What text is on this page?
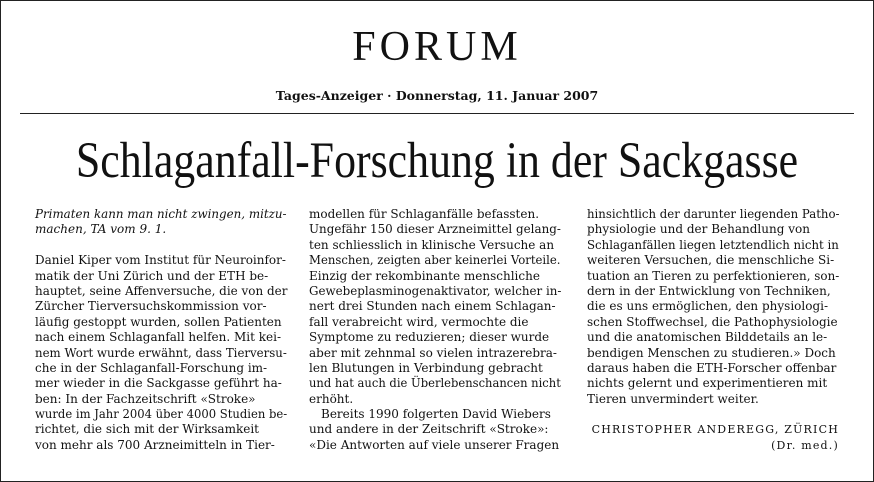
FORUM
Tages-Anzeiger · Donnerstag, 11. Januar 2007
Schlaganfall-Forschung in der Sackgasse
Primaten kann man nicht zwingen, mitzu-
machen, TA vom 9. 1.
Daniel Kiper vom Institut für Neuroinfor-
matik der Uni Zürich und der ETH be-
hauptet, seine Affenversuche, die von der
Zürcher Tierversuchskommission vor-
läufig gestoppt wurden, sollen Patienten
nach einem Schlaganfall helfen. Mit kei-
nem Wort wurde erwähnt, dass Tierversu-
che in der Schlaganfall-Forschung im-
mer wieder in die Sackgasse geführt ha-
ben: In der Fachzeitschrift «Stroke»
wurde im Jahr 2004 über 4000 Studien be-
richtet, die sich mit der Wirksamkeit
von mehr als 700 Arzneimitteln in Tier-
modellen für Schlaganfälle befassten.
Ungefähr 150 dieser Arzneimittel gelang-
ten schliesslich in klinische Versuche an
Menschen, zeigten aber keinerlei Vorteile.
Einzig der rekombinante menschliche
Gewebeplasminogenaktivator, welcher in-
nert drei Stunden nach einem Schlagan-
fall verabreicht wird, vermochte die
Symptome zu reduzieren; dieser wurde
aber mit zehnmal so vielen intrazerebra-
len Blutungen in Verbindung gebracht
und hat auch die Überlebenschancen nicht
erhöht.
Bereits 1990 folgerten David Wiebers
und andere in der Zeitschrift «Stroke»:
«Die Antworten auf viele unserer Fragen
hinsichtlich der darunter liegenden Patho-
physiologie und der Behandlung von
Schlaganfällen liegen letztendlich nicht in
weiteren Versuchen, die menschliche Si-
tuation an Tieren zu perfektionieren, son-
dern in der Entwicklung von Techniken,
die es uns ermöglichen, den physiologi-
schen Stoffwechsel, die Pathophysiologie
und die anatomischen Bilddetails an le-
bendigen Menschen zu studieren.» Doch
daraus haben die ETH-Forscher offenbar
nichts gelernt und experimentieren mit
Tieren unvermindert weiter.
CHRISTOPHER ANDEREGG, ZÜRICH
(Dr. med.)
